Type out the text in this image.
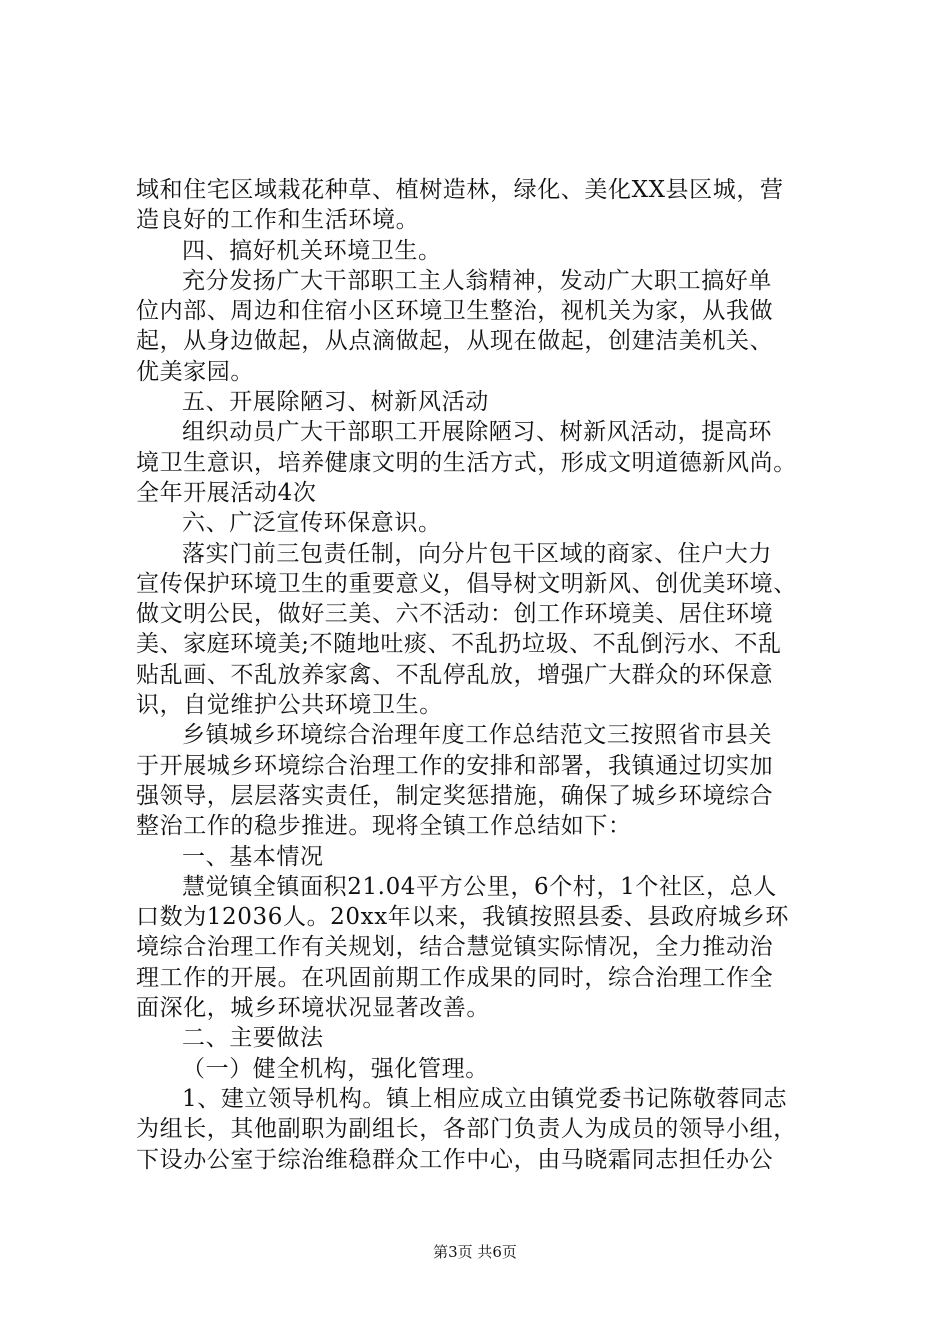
域和住宅区域栽花种草、植树造林，绿化、美化XX县区城，营
造良好的工作和生活环境。
四、搞好机关环境卫生。
充分发扬广大干部职工主人翁精神，发动广大职工搞好单
位内部、周边和住宿小区环境卫生整治，视机关为家，从我做
起，从身边做起，从点滴做起，从现在做起，创建洁美机关、
优美家园。
五、开展除陋习、树新风活动
组织动员广大干部职工开展除陋习、树新风活动，提高环
境卫生意识，培养健康文明的生活方式，形成文明道德新风尚。
全年开展活动4次
六、广泛宣传环保意识。
落实门前三包责任制，向分片包干区域的商家、住户大力
宣传保护环境卫生的重要意义，倡导树文明新风、创优美环境、
做文明公民，做好三美、六不活动：创工作环境美、居住环境
美、家庭环境美;不随地吐痰、不乱扔垃圾、不乱倒污水、不乱
贴乱画、不乱放养家禽、不乱停乱放，增强广大群众的环保意
识，自觉维护公共环境卫生。
乡镇城乡环境综合治理年度工作总结范文三按照省市县关
于开展城乡环境综合治理工作的安排和部署，我镇通过切实加
强领导，层层落实责任，制定奖惩措施，确保了城乡环境综合
整治工作的稳步推进。现将全镇工作总结如下：
一、基本情况
慧觉镇全镇面积21.04平方公里，6个村，1个社区，总人
口数为12036人。20xx年以来，我镇按照县委、县政府城乡环
境综合治理工作有关规划，结合慧觉镇实际情况，全力推动治
理工作的开展。在巩固前期工作成果的同时，综合治理工作全
面深化，城乡环境状况显著改善。
二、主要做法
（一）健全机构，强化管理。
1、建立领导机构。镇上相应成立由镇党委书记陈敬蓉同志
为组长，其他副职为副组长，各部门负责人为成员的领导小组，
下设办公室于综治维稳群众工作中心，由马晓霜同志担任办公
第3页 共6页
